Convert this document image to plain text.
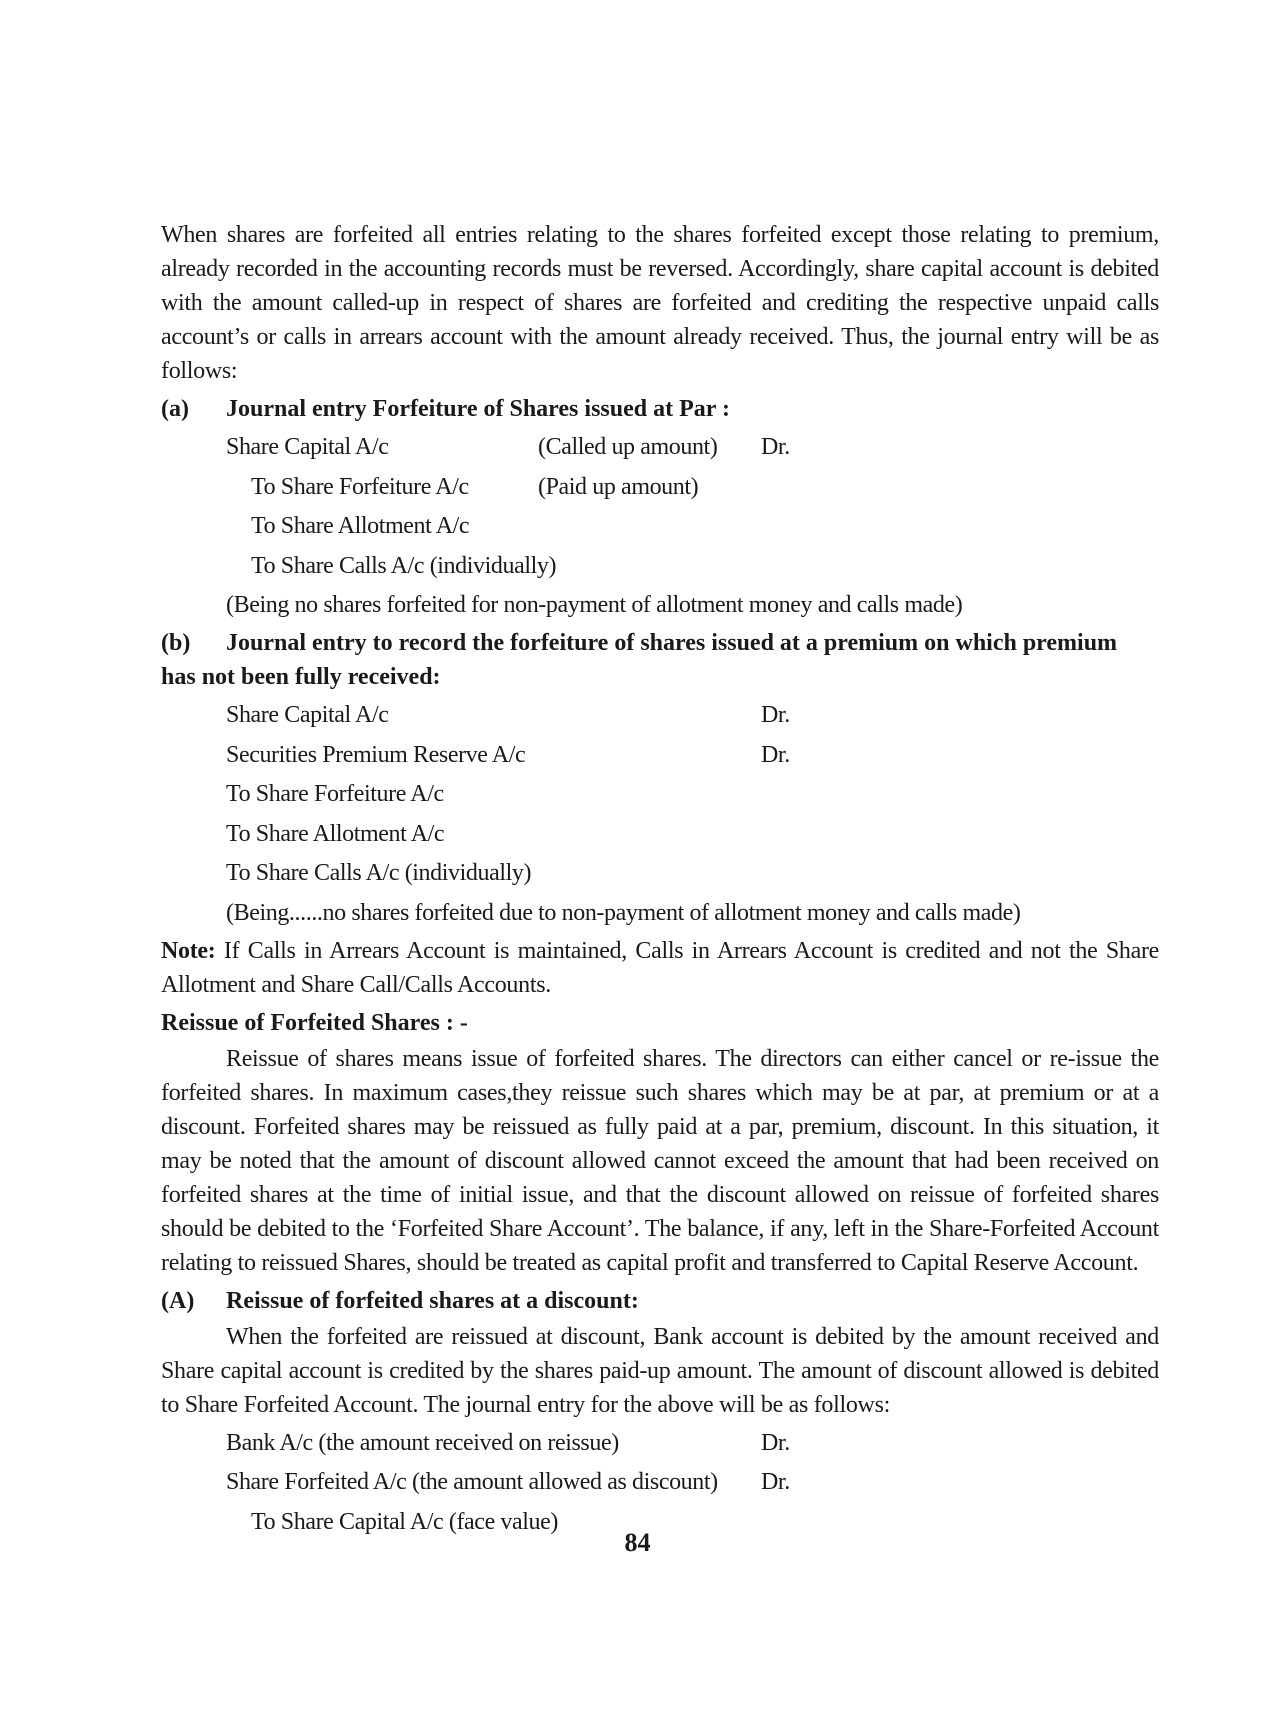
When shares are forfeited all entries relating to the shares forfeited except those relating to premium, already recorded in the accounting records must be reversed. Accordingly, share capital account is debited with the amount called-up in respect of shares are forfeited and crediting the respective unpaid calls account’s or calls in arrears account with the amount already received. Thus, the journal entry will be as follows:

(a)	Journal entry Forfeiture of Shares issued at Par :
Share Capital A/c	(Called up amount) Dr.
To Share Forfeiture A/c	(Paid up amount)
To Share Allotment A/c
To Share Calls A/c (individually)

(Being no shares forfeited for non-payment of allotment money and calls made)

(b) Journal entry to record the forfeiture of shares issued at a premium on which premium
has not been fully received:
Share Capital A/c	Dr.
Securities Premium Reserve A/c	Dr.
To Share Forfeiture A/c
To Share Allotment A/c
To Share Calls A/c (individually)

(Being......no shares forfeited due to non-payment of allotment money and calls made)

Note: If Calls in Arrears Account is maintained, Calls in Arrears Account is credited and not the Share Allotment and Share Call/Calls Accounts.

Reissue of Forfeited Shares : -

Reissue of shares means issue of forfeited shares. The directors can either cancel or re-issue the forfeited shares. In maximum cases,they reissue such shares which may be at par, at premium or at a discount. Forfeited shares may be reissued as fully paid at a par, premium, discount. In this situation, it may be noted that the amount of discount allowed cannot exceed the amount that had been received on forfeited shares at the time of initial issue, and that the discount allowed on reissue of forfeited shares should be debited to the ‘Forfeited Share Account’. The balance, if any, left in the Share-Forfeited Account relating to reissued Shares, should be treated as capital profit and transferred to Capital Reserve Account.

(A)	Reissue of forfeited shares at a discount:

When the forfeited are reissued at discount, Bank account is debited by the amount received and Share capital account is credited by the shares paid-up amount. The amount of discount allowed is debited to Share Forfeited Account. The journal entry for the above will be as follows:

Bank A/c (the amount received on reissue)	Dr.
Share Forfeited A/c (the amount allowed as discount) Dr.
To Share Capital A/c (face value)
84
